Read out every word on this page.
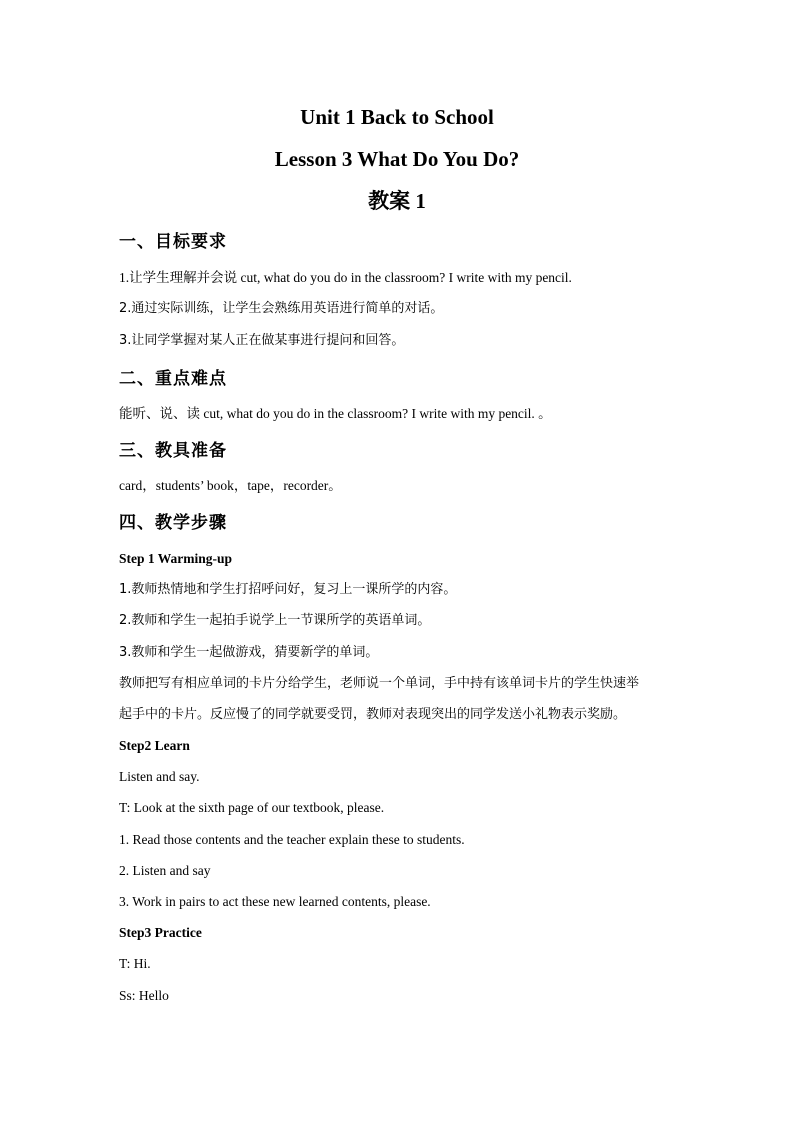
Unit 1 Back to School
Lesson 3 What Do You Do?
教案 1
一、目标要求
1.让学生理解并会说 cut, what do you do in the classroom? I write with my pencil.
2.通过实际训练，让学生会熟练用英语进行简单的对话。
3.让同学掌握对某人正在做某事进行提问和回答。
二、重点难点
能听、说、读 cut, what do you do in the classroom? I write with my pencil. 。
三、教具准备
card，students’ book，tape，recorder。
四、教学步骤
Step 1 Warming-up
1.教师热情地和学生打招呼问好，复习上一课所学的内容。
2.教师和学生一起拍手说学上一节课所学的英语单词。
3.教师和学生一起做游戏，猜要新学的单词。
教师把写有相应单词的卡片分给学生，老师说一个单词，手中持有该单词卡片的学生快速举
起手中的卡片。反应慢了的同学就要受罚，教师对表现突出的同学发送小礼物表示奖励。
Step2 Learn
Listen and say.
T: Look at the sixth page of our textbook, please.
1. Read those contents and the teacher explain these to students.
2. Listen and say
3. Work in pairs to act these new learned contents, please.
Step3 Practice
T: Hi.
Ss: Hello
